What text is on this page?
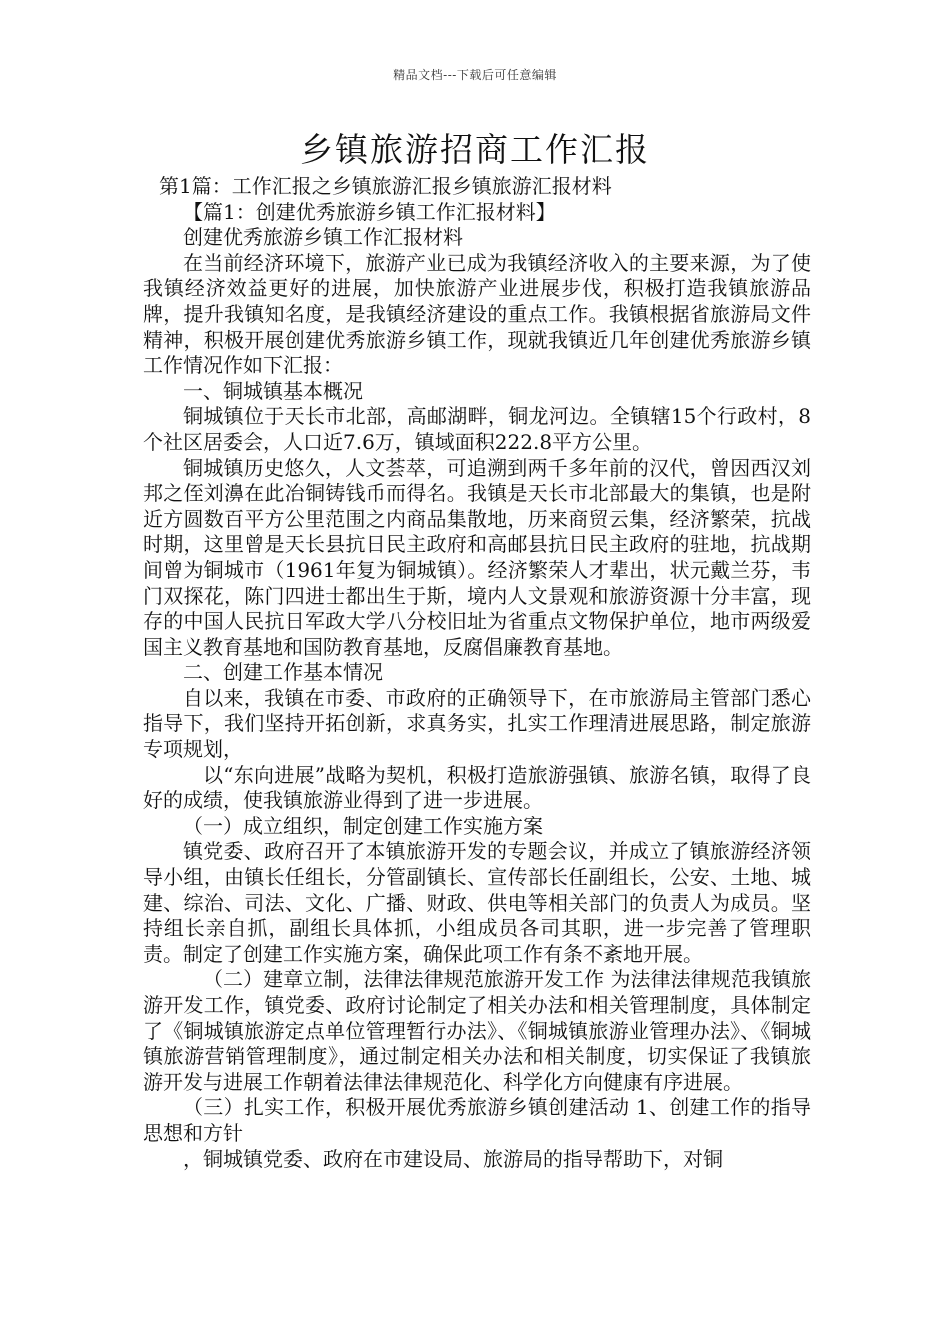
精品文档---下载后可任意编辑
乡镇旅游招商工作汇报

第1篇：工作汇报之乡镇旅游汇报乡镇旅游汇报材料

【篇1：创建优秀旅游乡镇工作汇报材料】

创建优秀旅游乡镇工作汇报材料

在当前经济环境下，旅游产业已成为我镇经济收入的主要来源，为了使我镇经济效益更好的进展，加快旅游产业进展步伐，积极打造我镇旅游品牌，提升我镇知名度，是我镇经济建设的重点工作。我镇根据省旅游局文件精神，积极开展创建优秀旅游乡镇工作，现就我镇近几年创建优秀旅游乡镇工作情况作如下汇报：

一、铜城镇基本概况

铜城镇位于天长市北部，高邮湖畔，铜龙河边。全镇辖15个行政村，8个社区居委会，人口近7.6万，镇域面积222.8平方公里。

铜城镇历史悠久，人文荟萃，可追溯到两千多年前的汉代，曾因西汉刘邦之侄刘濞在此冶铜铸钱币而得名。我镇是天长市北部最大的集镇，也是附近方圆数百平方公里范围之内商品集散地，历来商贸云集，经济繁荣，抗战时期，这里曾是天长县抗日民主政府和高邮县抗日民主政府的驻地，抗战期间曾为铜城市（1961年复为铜城镇）。经济繁荣人才辈出，状元戴兰芬，韦门双探花，陈门四进士都出生于斯，境内人文景观和旅游资源十分丰富，现存的中国人民抗日军政大学八分校旧址为省重点文物保护单位，地市两级爱国主义教育基地和国防教育基地，反腐倡廉教育基地。

二、创建工作基本情况

自以来，我镇在市委、市政府的正确领导下，在市旅游局主管部门悉心指导下，我们坚持开拓创新，求真务实，扎实工作理清进展思路，制定旅游专项规划，

以“东向进展”战略为契机，积极打造旅游强镇、旅游名镇，取得了良好的成绩，使我镇旅游业得到了进一步进展。

（一）成立组织，制定创建工作实施方案

镇党委、政府召开了本镇旅游开发的专题会议，并成立了镇旅游经济领导小组，由镇长任组长，分管副镇长、宣传部长任副组长，公安、土地、城建、综治、司法、文化、广播、财政、供电等相关部门的负责人为成员。坚持组长亲自抓，副组长具体抓，小组成员各司其职，进一步完善了管理职责。制定了创建工作实施方案，确保此项工作有条不紊地开展。

（二）建章立制，法律法律规范旅游开发工作 为法律法律规范我镇旅游开发工作，镇党委、政府讨论制定了相关办法和相关管理制度，具体制定了《铜城镇旅游定点单位管理暂行办法》、《铜城镇旅游业管理办法》、《铜城镇旅游营销管理制度》，通过制定相关办法和相关制度，切实保证了我镇旅游开发与进展工作朝着法律法律规范化、科学化方向健康有序进展。

（三）扎实工作，积极开展优秀旅游乡镇创建活动 1、创建工作的指导思想和方针

，铜城镇党委、政府在市建设局、旅游局的指导帮助下，对铜
